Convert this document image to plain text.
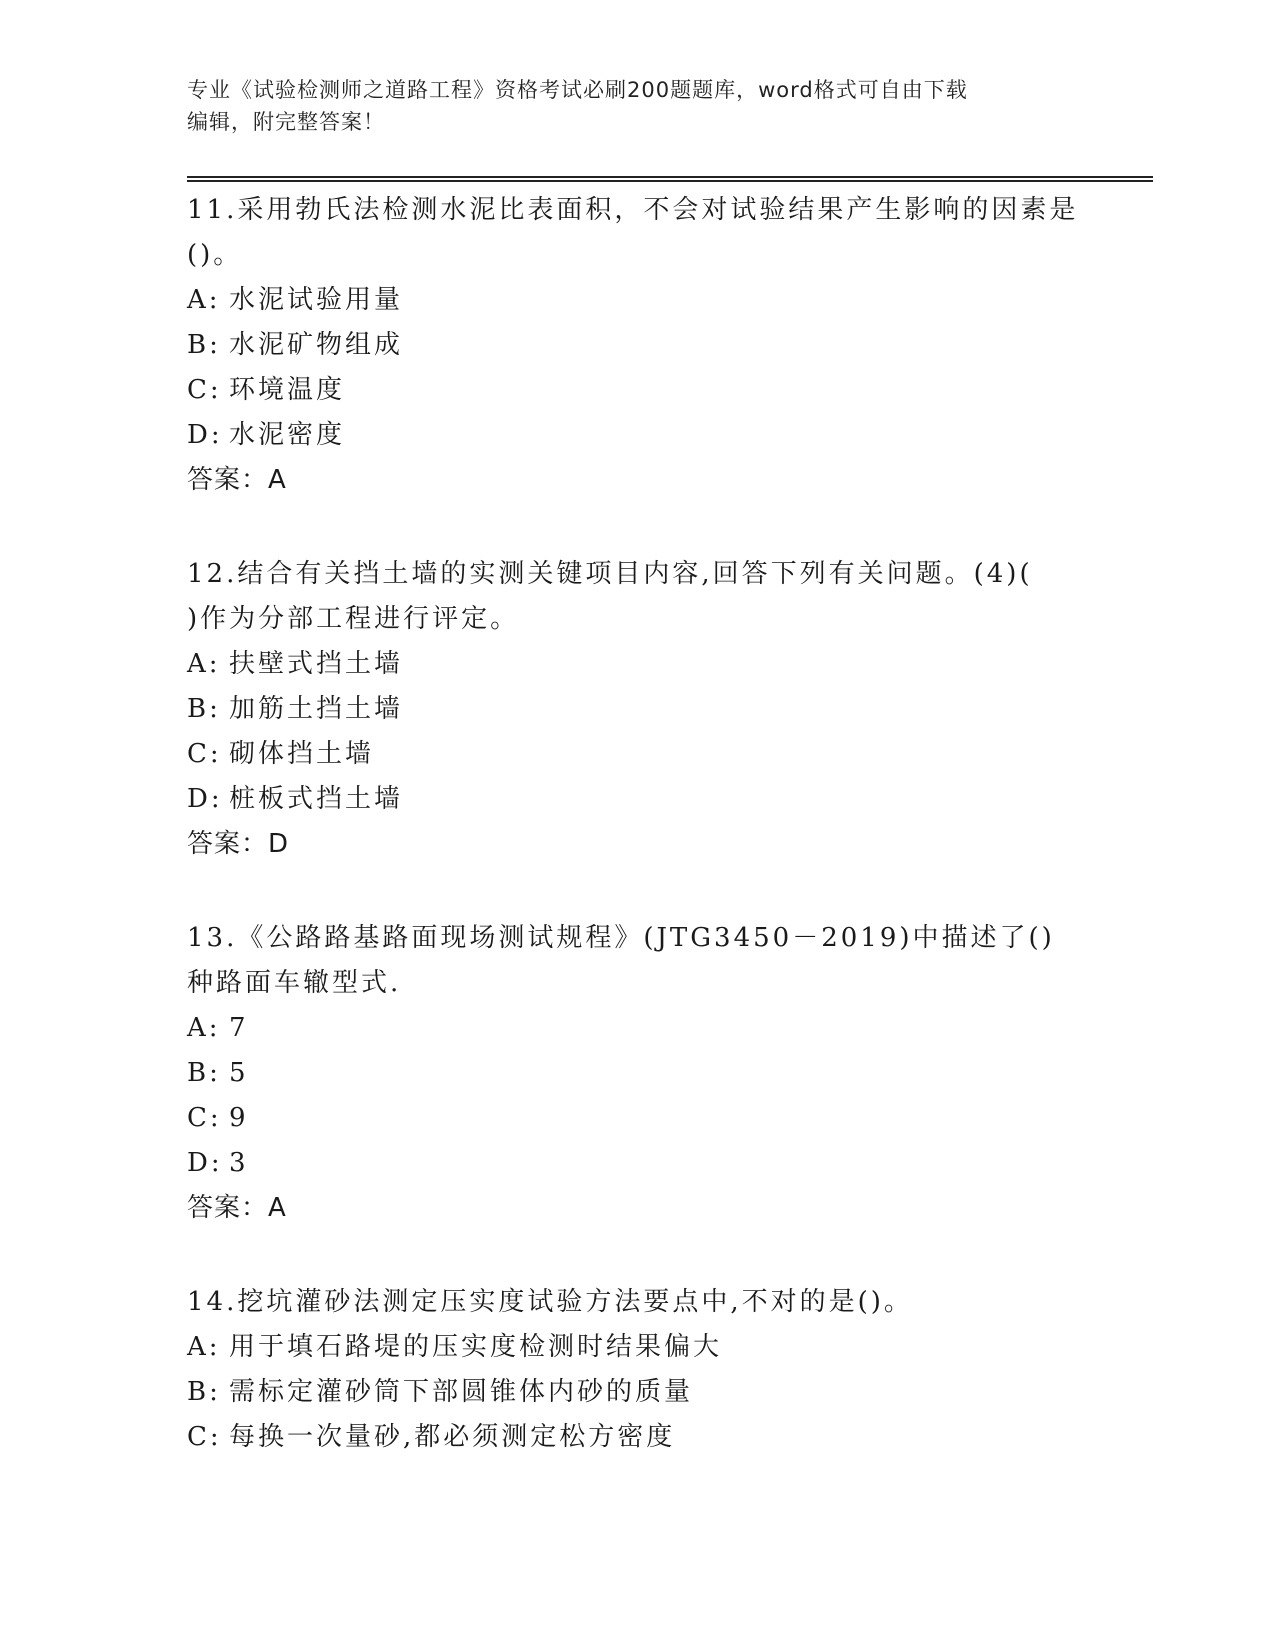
专业《试验检测师之道路工程》资格考试必刷200题题库，word格式可自由下载
编辑，附完整答案！
11.采用勃氏法检测水泥比表面积，不会对试验结果产生影响的因素是
()。
A: 水泥试验用量
B: 水泥矿物组成
C: 环境温度
D: 水泥密度
答案：A
12.结合有关挡土墙的实测关键项目内容,回答下列有关问题。(4)(
)作为分部工程进行评定。
A: 扶壁式挡土墙
B: 加筋土挡土墙
C: 砌体挡土墙
D: 桩板式挡土墙
答案：D
13.《公路路基路面现场测试规程》(JTG3450－2019)中描述了()
种路面车辙型式.
A: 7
B: 5
C: 9
D: 3
答案：A
14.挖坑灌砂法测定压实度试验方法要点中,不对的是()。
A: 用于填石路堤的压实度检测时结果偏大
B: 需标定灌砂筒下部圆锥体内砂的质量
C: 每换一次量砂,都必须测定松方密度
